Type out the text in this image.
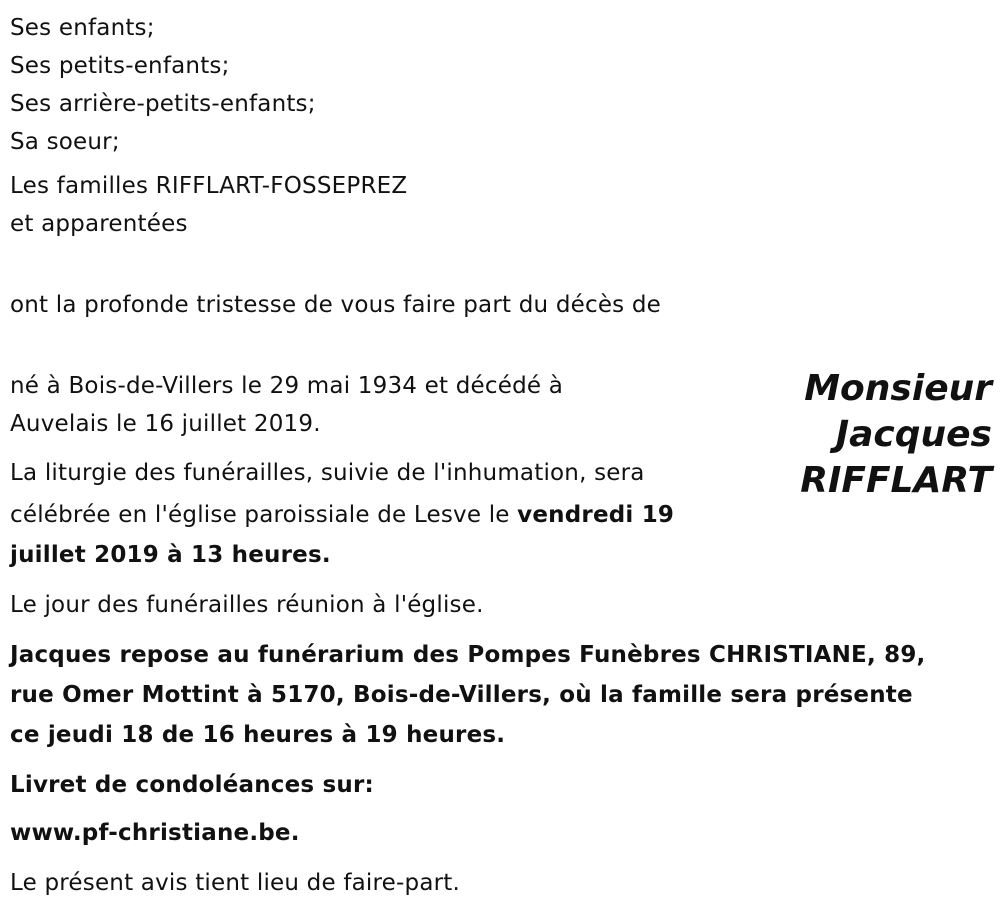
Ses enfants;
Ses petits-enfants;
Ses arrière-petits-enfants;
Sa soeur;
Les familles RIFFLART-FOSSEPREZ
et apparentées
ont la profonde tristesse de vous faire part du décès de
Monsieur
Jacques
RIFFLART
né à Bois-de-Villers le 29 mai 1934 et décédé à
Auvelais le 16 juillet 2019.
La liturgie des funérailles, suivie de l'inhumation, sera
célébrée en l'église paroissiale de Lesve le vendredi 19
juillet 2019 à 13 heures.
Le jour des funérailles réunion à l'église.
Jacques repose au funérarium des Pompes Funèbres CHRISTIANE, 89,
rue Omer Mottint à 5170, Bois-de-Villers, où la famille sera présente
ce jeudi 18 de 16 heures à 19 heures.
Livret de condoléances sur:
www.pf-christiane.be.
Le présent avis tient lieu de faire-part.
